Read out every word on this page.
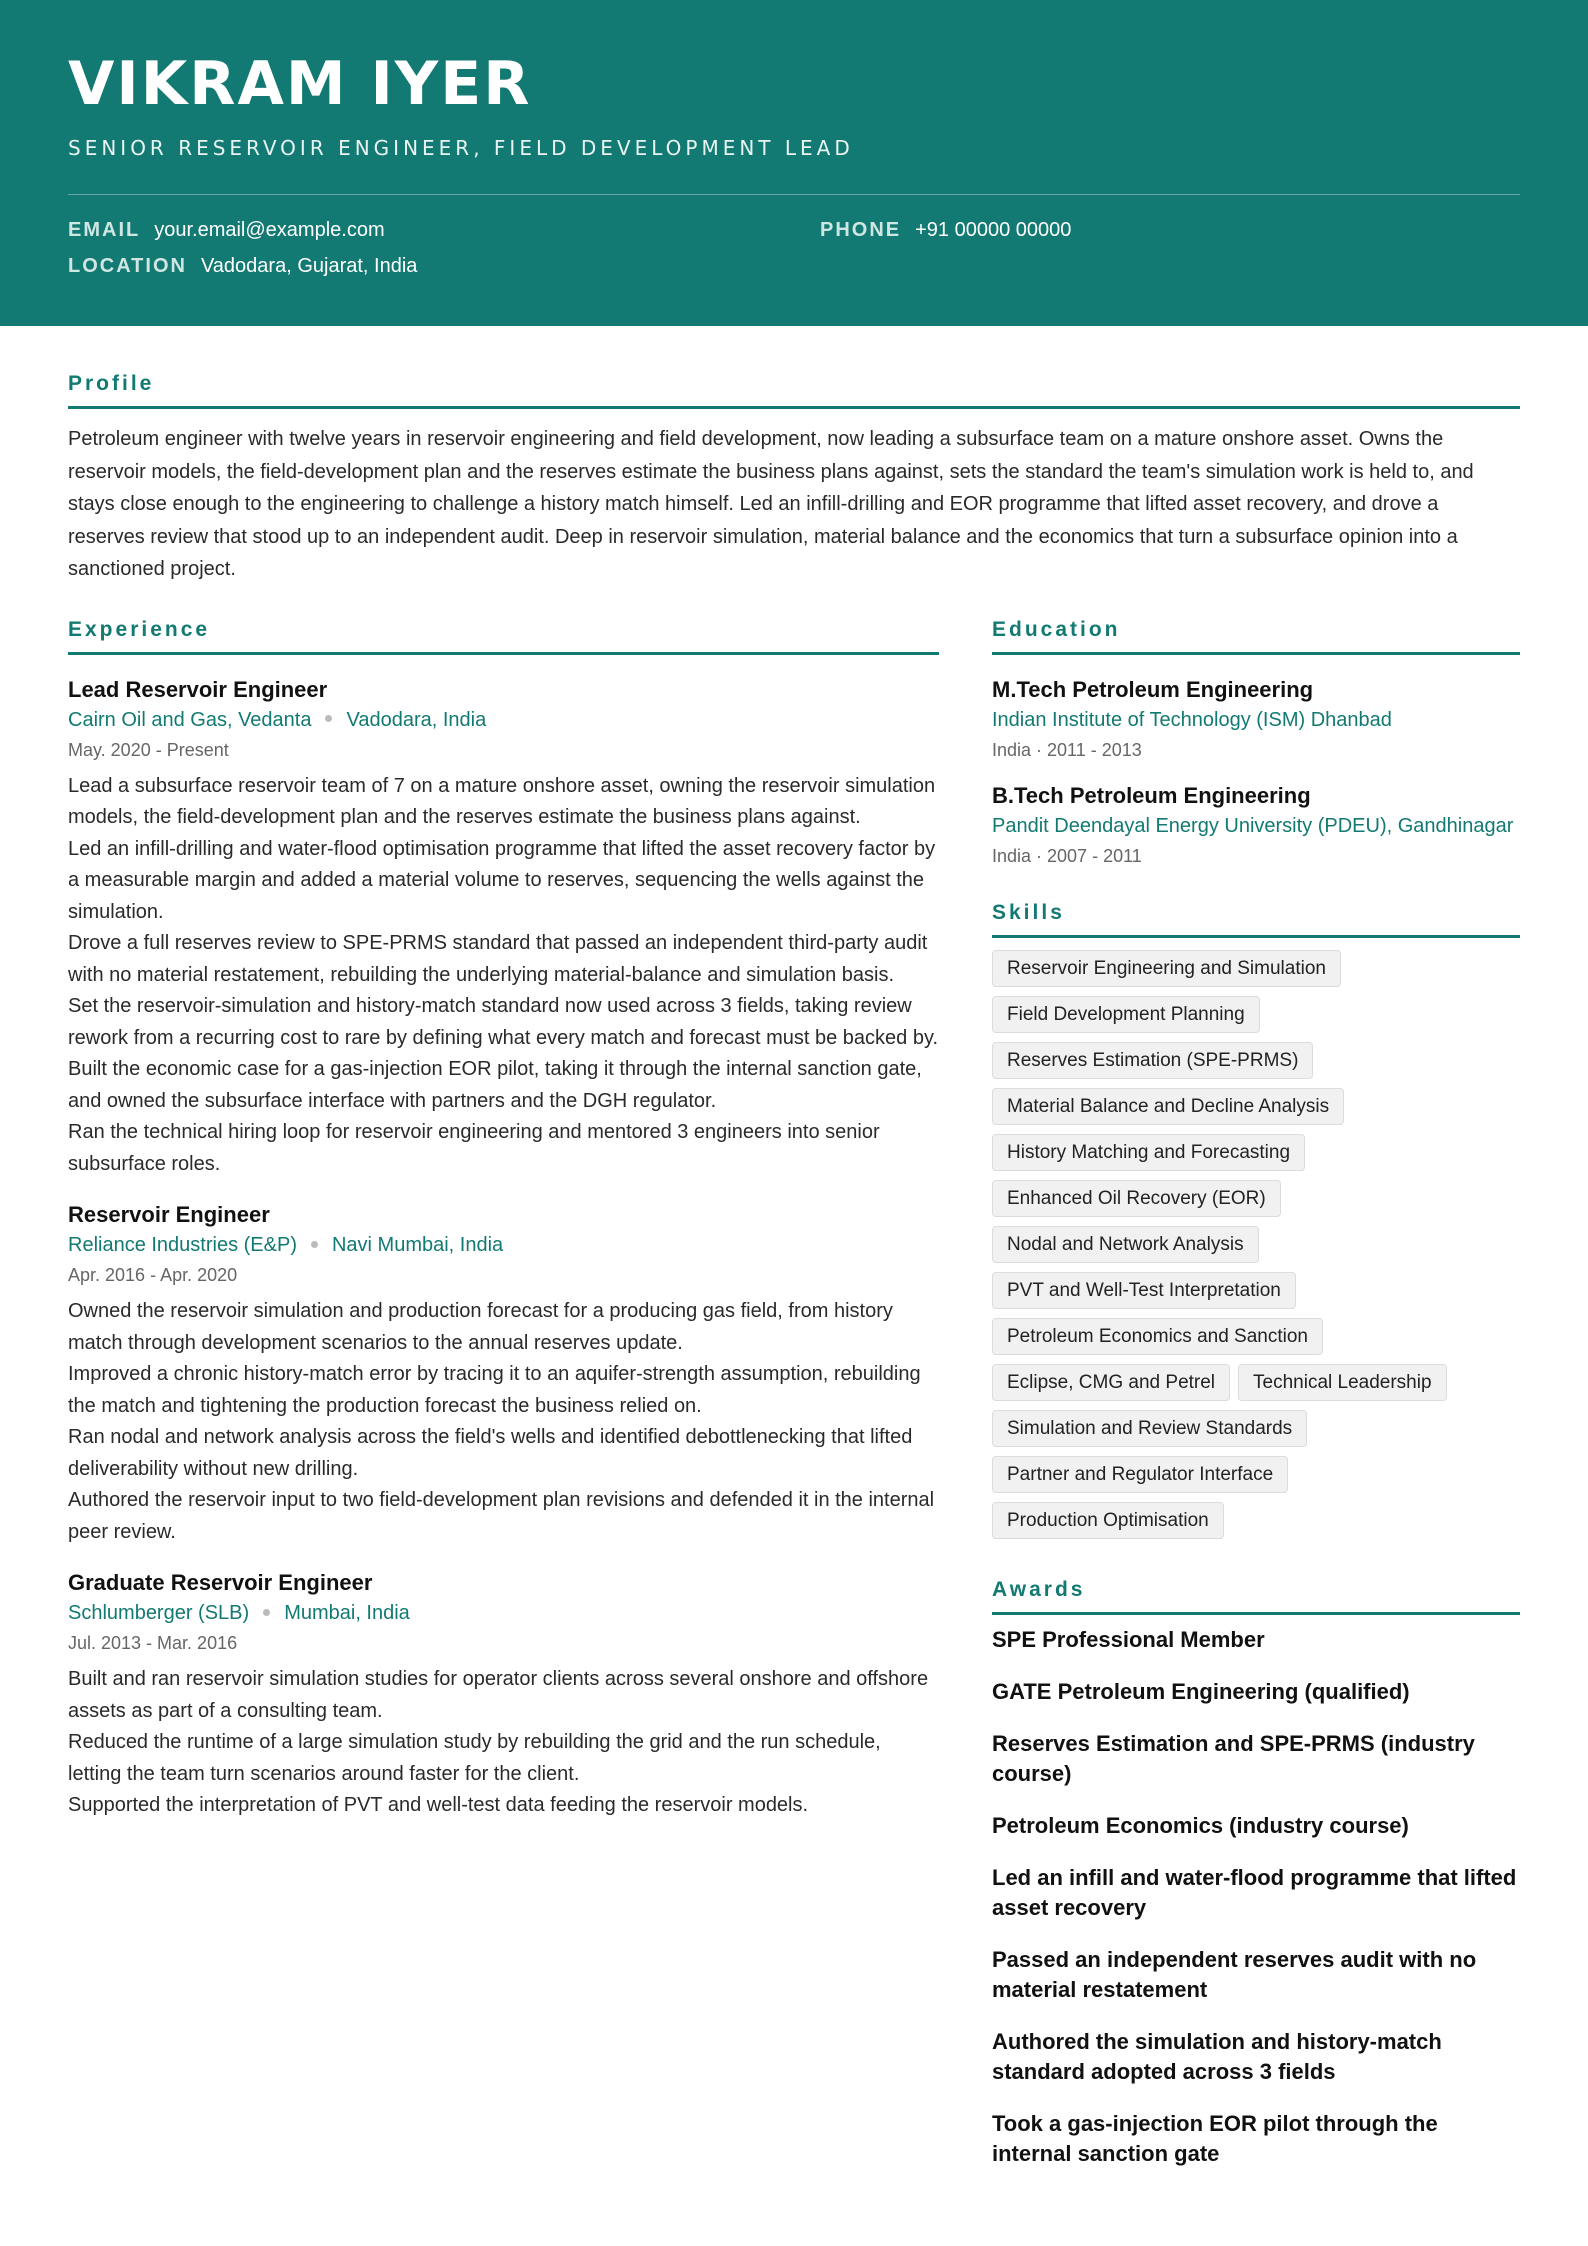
VIKRAM IYER
SENIOR RESERVOIR ENGINEER, FIELD DEVELOPMENT LEAD
EMAIL your.email@example.com	PHONE +91 00000 00000
LOCATION Vadodara, Gujarat, India
Profile

Petroleum engineer with twelve years in reservoir engineering and field development, now leading a subsurface team on a mature onshore asset. Owns the reservoir models, the field-development plan and the reserves estimate the business plans against, sets the standard the team's simulation work is held to, and stays close enough to the engineering to challenge a history match himself. Led an infill-drilling and EOR programme that lifted asset recovery, and drove a reserves review that stood up to an independent audit. Deep in reservoir simulation, material balance and the economics that turn a subsurface opinion into a sanctioned project.

Experience
Lead Reservoir Engineer
Cairn Oil and Gas, Vedanta Vadodara, India
May. 2020 - Present
Lead a subsurface reservoir team of 7 on a mature onshore asset, owning the reservoir simulation models, the field-development plan and the reserves estimate the business plans against.
Led an infill-drilling and water-flood optimisation programme that lifted the asset recovery factor by a measurable margin and added a material volume to reserves, sequencing the wells against the simulation.
Drove a full reserves review to SPE-PRMS standard that passed an independent third-party audit with no material restatement, rebuilding the underlying material-balance and simulation basis.
Set the reservoir-simulation and history-match standard now used across 3 fields, taking review rework from a recurring cost to rare by defining what every match and forecast must be backed by.
Built the economic case for a gas-injection EOR pilot, taking it through the internal sanction gate, and owned the subsurface interface with partners and the DGH regulator.
Ran the technical hiring loop for reservoir engineering and mentored 3 engineers into senior subsurface roles.
Reservoir Engineer
Reliance Industries (E&P) Navi Mumbai, India
Apr. 2016 - Apr. 2020
Owned the reservoir simulation and production forecast for a producing gas field, from history match through development scenarios to the annual reserves update.
Improved a chronic history-match error by tracing it to an aquifer-strength assumption, rebuilding the match and tightening the production forecast the business relied on.
Ran nodal and network analysis across the field's wells and identified debottlenecking that lifted deliverability without new drilling.
Authored the reservoir input to two field-development plan revisions and defended it in the internal peer review.
Graduate Reservoir Engineer
Schlumberger (SLB) Mumbai, India
Jul. 2013 - Mar. 2016
Built and ran reservoir simulation studies for operator clients across several onshore and offshore assets as part of a consulting team.
Reduced the runtime of a large simulation study by rebuilding the grid and the run schedule, letting the team turn scenarios around faster for the client.
Supported the interpretation of PVT and well-test data feeding the reservoir models.
Education
M.Tech Petroleum Engineering
Indian Institute of Technology (ISM) Dhanbad
India · 2011 - 2013
B.Tech Petroleum Engineering
Pandit Deendayal Energy University (PDEU), Gandhinagar
India · 2007 - 2011
Skills
Reservoir Engineering and Simulation
Field Development Planning
Reserves Estimation (SPE-PRMS)
Material Balance and Decline Analysis
History Matching and Forecasting
Enhanced Oil Recovery (EOR)
Nodal and Network Analysis
PVT and Well-Test Interpretation
Petroleum Economics and Sanction
Eclipse, CMG and Petrel	Technical Leadership
Simulation and Review Standards
Partner and Regulator Interface
Production Optimisation
Awards
SPE Professional Member
GATE Petroleum Engineering (qualified)
Reserves Estimation and SPE-PRMS (industry course)
Petroleum Economics (industry course)
Led an infill and water-flood programme that lifted asset recovery
Passed an independent reserves audit with no material restatement
Authored the simulation and history-match standard adopted across 3 fields
Took a gas-injection EOR pilot through the internal sanction gate
